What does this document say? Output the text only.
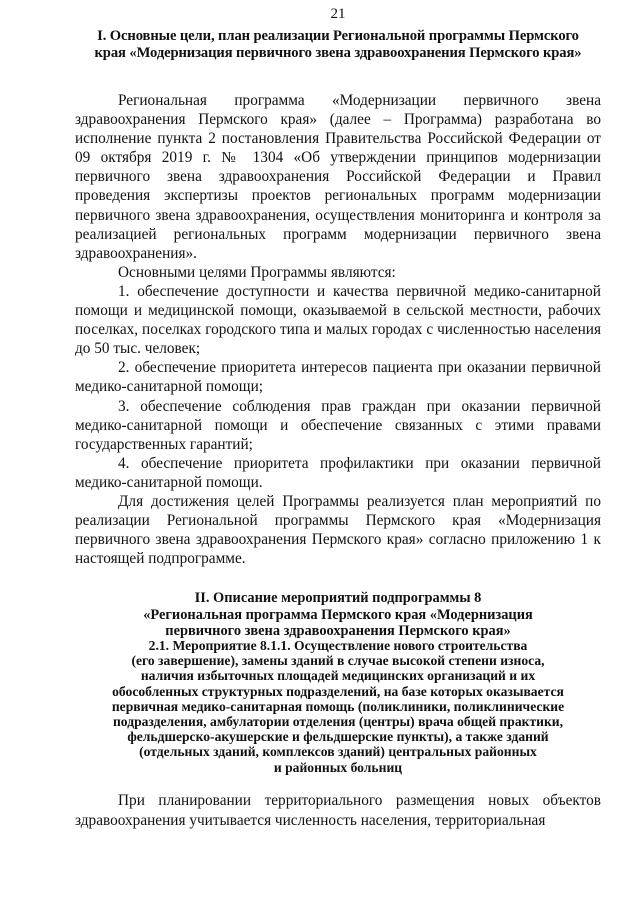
21
I. Основные цели, план реализации Региональной программы Пермского
края «Модернизация первичного звена здравоохранения Пермского края»

Региональная программа «Модернизации первичного звена здравоохранения Пермского края» (далее – Программа) разработана во исполнение пункта 2 постановления Правительства Российской Федерации от 09 октября 2019 г. № 1304 «Об утверждении принципов модернизации первичного звена здравоохранения Российской Федерации и Правил проведения экспертизы проектов региональных программ модернизации первичного звена здравоохранения, осуществления мониторинга и контроля за реализацией региональных программ модернизации первичного звена здравоохранения».

Основными целями Программы являются:

1. обеспечение доступности и качества первичной медико-санитарной помощи и медицинской помощи, оказываемой в сельской местности, рабочих поселках, поселках городского типа и малых городах с численностью населения до 50 тыс. человек;

2. обеспечение приоритета интересов пациента при оказании первичной медико-санитарной помощи;

3. обеспечение соблюдения прав граждан при оказании первичной медико-санитарной помощи и обеспечение связанных с этими правами государственных гарантий;

4. обеспечение приоритета профилактики при оказании первичной медико-санитарной помощи.

Для достижения целей Программы реализуется план мероприятий по реализации Региональной программы Пермского края «Модернизация первичного звена здравоохранения Пермского края» согласно приложению 1 к настоящей подпрограмме.

II. Описание мероприятий подпрограммы 8
«Региональная программа Пермского края «Модернизация
первичного звена здравоохранения Пермского края»
2.1. Мероприятие 8.1.1. Осуществление нового строительства
(его завершение), замены зданий в случае высокой степени износа,
наличия избыточных площадей медицинских организаций и их
обособленных структурных подразделений, на базе которых оказывается
первичная медико-санитарная помощь (поликлиники, поликлинические
подразделения, амбулатории отделения (центры) врача общей практики,
фельдшерско-акушерские и фельдшерские пункты), а также зданий
(отдельных зданий, комплексов зданий) центральных районных
и районных больниц

При планировании территориального размещения новых объектов здравоохранения учитывается численность населения, территориальная
